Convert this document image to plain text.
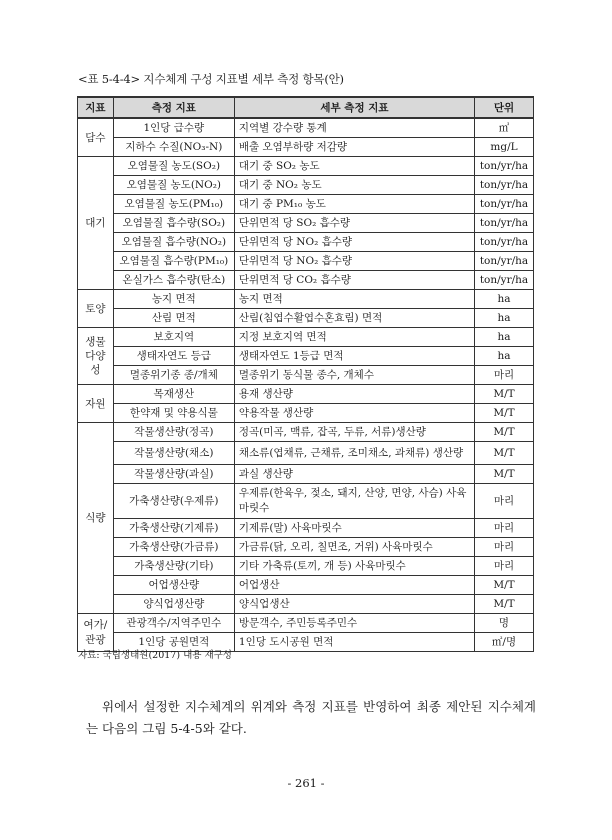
<표 5-4-4> 지수체계 구성 지표별 세부 측정 항목(안)
지표	측정 지표	세부 측정 지표	단위
담수	1인당 급수량	지역별 강수량 통계	㎥
	지하수 수질(NO₃-N)	배출 오염부하량 저감량	mg/L
대기	오염물질 농도(SO₂)	대기 중 SO₂ 농도	ton/yr/ha
	오염물질 농도(NO₂)	대기 중 NO₂ 농도	ton/yr/ha
	오염물질 농도(PM₁₀)	대기 중 PM₁₀ 농도	ton/yr/ha
	오염물질 흡수량(SO₂)	단위면적 당 SO₂ 흡수량	ton/yr/ha
	오염물질 흡수량(NO₂)	단위면적 당 NO₂ 흡수량	ton/yr/ha
	오염물질 흡수량(PM₁₀)	단위면적 당 NO₂ 흡수량	ton/yr/ha
	온실가스 흡수량(탄소)	단위면적 당 CO₂ 흡수량	ton/yr/ha
토양	농지 면적	농지 면적	ha
	산림 면적	산림(침엽수활엽수혼효림) 면적	ha
생물다양성	보호지역	지정 보호지역 면적	ha
	생태자연도 등급	생태자연도 1등급 면적	ha
	멸종위기종 종/개체	멸종위기 동식물 종수, 개체수	마리
자원	목재생산	용재 생산량	M/T
	한약재 및 약용식물	약용작물 생산량	M/T
식량	작물생산량(정곡)	정곡(미곡, 맥류, 잡곡, 두류, 서류)생산량	M/T
	작물생산량(채소)	채소류(엽채류, 근채류, 조미채소, 과채류) 생산량	M/T
	작물생산량(과실)	과실 생산량	M/T
	가축생산량(우제류)	우제류(한육우, 젖소, 돼지, 산양, 면양, 사슴) 사육마릿수	마리
	가축생산량(기제류)	기제류(말) 사육마릿수	마리
	가축생산량(가금류)	가금류(닭, 오리, 칠면조, 거위) 사육마릿수	마리
	가축생산량(기타)	기타 가축류(토끼, 개 등) 사육마릿수	마리
	어업생산량	어업생산	M/T
	양식업생산량	양식업생산	M/T
여가/관광	관광객수/지역주민수	방문객수, 주민등록주민수	명
	1인당 공원면적	1인당 도시공원 면적	㎡/명
자료: 국립생태원(2017) 내용 재구성

위에서 설정한 지수체계의 위계와 측정 지표를 반영하여 최종 제안된 지수체계는 다음의 그림 5-4-5와 같다.

- 261 -
